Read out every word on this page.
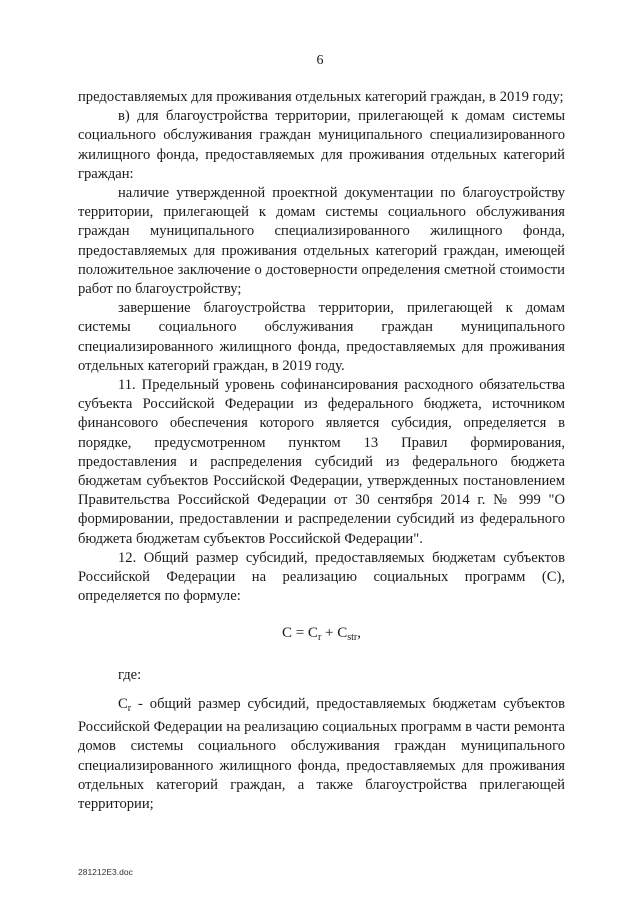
6

предоставляемых для проживания отдельных категорий граждан, в 2019 году;

в) для благоустройства территории, прилегающей к домам системы социального обслуживания граждан муниципального специализированного жилищного фонда, предоставляемых для проживания отдельных категорий граждан:

наличие утвержденной проектной документации по благоустройству территории, прилегающей к домам системы социального обслуживания граждан муниципального специализированного жилищного фонда, предоставляемых для проживания отдельных категорий граждан, имеющей положительное заключение о достоверности определения сметной стоимости работ по благоустройству;

завершение благоустройства территории, прилегающей к домам системы социального обслуживания граждан муниципального специализированного жилищного фонда, предоставляемых для проживания отдельных категорий граждан, в 2019 году.

11. Предельный уровень софинансирования расходного обязательства субъекта Российской Федерации из федерального бюджета, источником финансового обеспечения которого является субсидия, определяется в порядке, предусмотренном пунктом 13 Правил формирования, предоставления и распределения субсидий из федерального бюджета бюджетам субъектов Российской Федерации, утвержденных постановлением Правительства Российской Федерации от 30 сентября 2014 г. № 999 "О формировании, предоставлении и распределении субсидий из федерального бюджета бюджетам субъектов Российской Федерации".

12. Общий размер субсидий, предоставляемых бюджетам субъектов Российской Федерации на реализацию социальных программ (С), определяется по формуле:

$С = С_r + С_{str}$,

где:

$С_r$ - общий размер субсидий, предоставляемых бюджетам субъектов Российской Федерации на реализацию социальных программ в части ремонта домов системы социального обслуживания граждан муниципального специализированного жилищного фонда, предоставляемых для проживания отдельных категорий граждан, а также благоустройства прилегающей территории;

281212E3.doc
